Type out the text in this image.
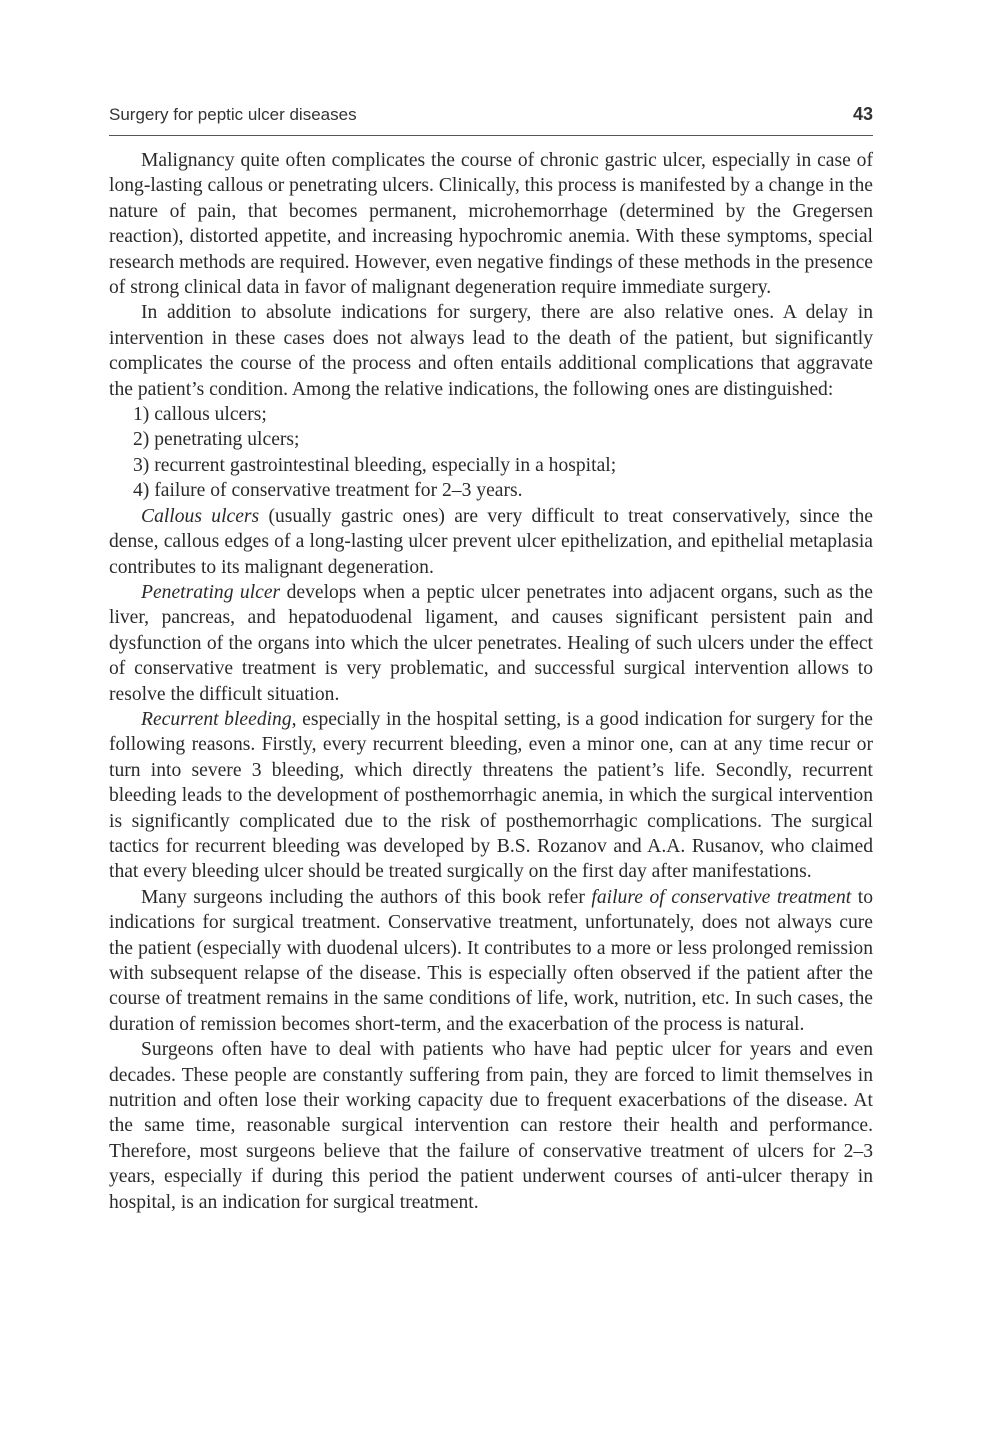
Surgery for peptic ulcer diseases	43

Malignancy quite often complicates the course of chronic gastric ulcer, especially in case of long-lasting callous or penetrating ulcers. Clinically, this process is manifested by a change in the nature of pain, that becomes permanent, microhemorrhage (determined by the Gregersen reaction), distorted appetite, and increasing hypochromic anemia. With these symptoms, special research methods are required. However, even negative findings of these methods in the presence of strong clinical data in favor of malignant degeneration require immediate surgery.

In addition to absolute indications for surgery, there are also relative ones. A delay in intervention in these cases does not always lead to the death of the patient, but significantly complicates the course of the process and often entails additional complications that aggravate the patient’s condition. Among the relative indications, the following ones are distinguished:

1) callous ulcers;
2) penetrating ulcers;
3) recurrent gastrointestinal bleeding, especially in a hospital;
4) failure of conservative treatment for 2–3 years.

Callous ulcers (usually gastric ones) are very difficult to treat conservatively, since the dense, callous edges of a long-lasting ulcer prevent ulcer epithelization, and epithelial metaplasia contributes to its malignant degeneration.

Penetrating ulcer develops when a peptic ulcer penetrates into adjacent organs, such as the liver, pancreas, and hepatoduodenal ligament, and causes significant persistent pain and dysfunction of the organs into which the ulcer penetrates. Healing of such ulcers under the effect of conservative treatment is very problematic, and successful surgical intervention allows to resolve the difficult situation.

Recurrent bleeding, especially in the hospital setting, is a good indication for surgery for the following reasons. Firstly, every recurrent bleeding, even a minor one, can at any time recur or turn into severe 3 bleeding, which directly threatens the patient’s life. Secondly, recurrent bleeding leads to the development of posthemorrhagic anemia, in which the surgical intervention is significantly complicated due to the risk of posthemorrhagic complications. The surgical tactics for recurrent bleeding was developed by B.S. Rozanov and A.A. Rusanov, who claimed that every bleeding ulcer should be treated surgically on the first day after manifestations.

Many surgeons including the authors of this book refer failure of conservative treatment to indications for surgical treatment. Conservative treatment, unfortunately, does not always cure the patient (especially with duodenal ulcers). It contributes to a more or less prolonged remission with subsequent relapse of the disease. This is especially often observed if the patient after the course of treatment remains in the same conditions of life, work, nutrition, etc. In such cases, the duration of remission becomes short-term, and the exacerbation of the process is natural.

Surgeons often have to deal with patients who have had peptic ulcer for years and even decades. These people are constantly suffering from pain, they are forced to limit themselves in nutrition and often lose their working capacity due to frequent exacerbations of the disease. At the same time, reasonable surgical intervention can restore their health and performance. Therefore, most surgeons believe that the failure of conservative treatment of ulcers for 2–3 years, especially if during this period the patient underwent courses of anti-ulcer therapy in hospital, is an indication for surgical treatment.
